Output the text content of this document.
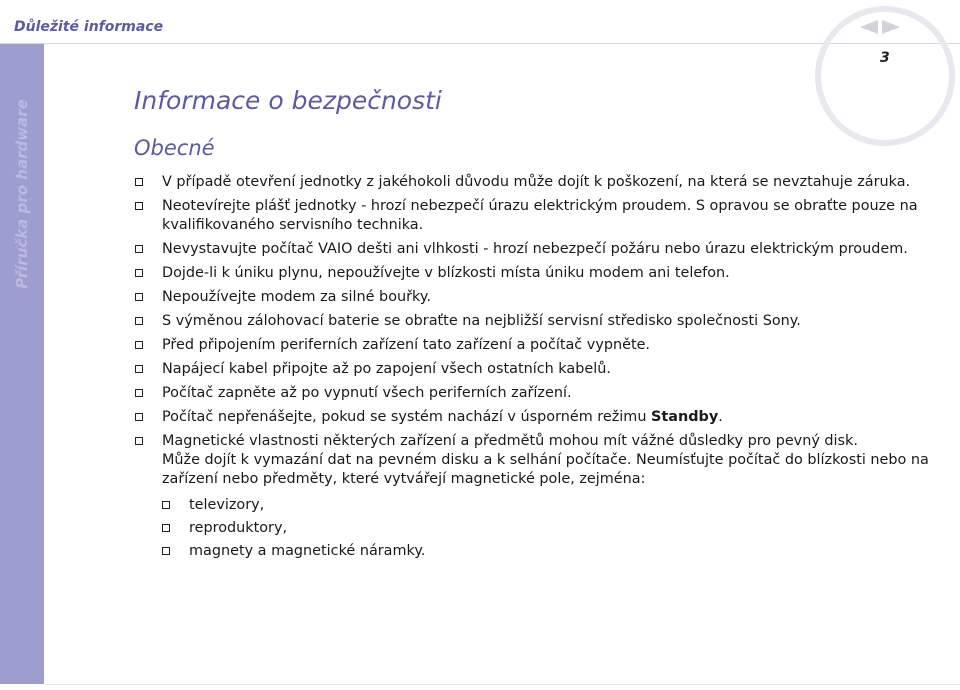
Důležité informace
Příručka pro hardware
3
Informace o bezpečnosti
Obecné
V případě otevření jednotky z jakéhokoli důvodu může dojít k poškození, na která se nevztahuje záruka.
Neotevírejte plášť jednotky - hrozí nebezpečí úrazu elektrickým proudem. S opravou se obraťte pouze na kvalifikovaného servisního technika.
Nevystavujte počítač VAIO dešti ani vlhkosti - hrozí nebezpečí požáru nebo úrazu elektrickým proudem.
Dojde-li k úniku plynu, nepoužívejte v blízkosti místa úniku modem ani telefon.
Nepoužívejte modem za silné bouřky.
S výměnou zálohovací baterie se obraťte na nejbližší servisní středisko společnosti Sony.
Před připojením periferních zařízení tato zařízení a počítač vypněte.
Napájecí kabel připojte až po zapojení všech ostatních kabelů.
Počítač zapněte až po vypnutí všech periferních zařízení.
Počítač nepřenášejte, pokud se systém nachází v úsporném režimu Standby.
Magnetické vlastnosti některých zařízení a předmětů mohou mít vážné důsledky pro pevný disk.
Může dojít k vymazání dat na pevném disku a k selhání počítače. Neumísťujte počítač do blízkosti nebo na zařízení nebo předměty, které vytvářejí magnetické pole, zejména:
televizory,
reproduktory,
magnety a magnetické náramky.
